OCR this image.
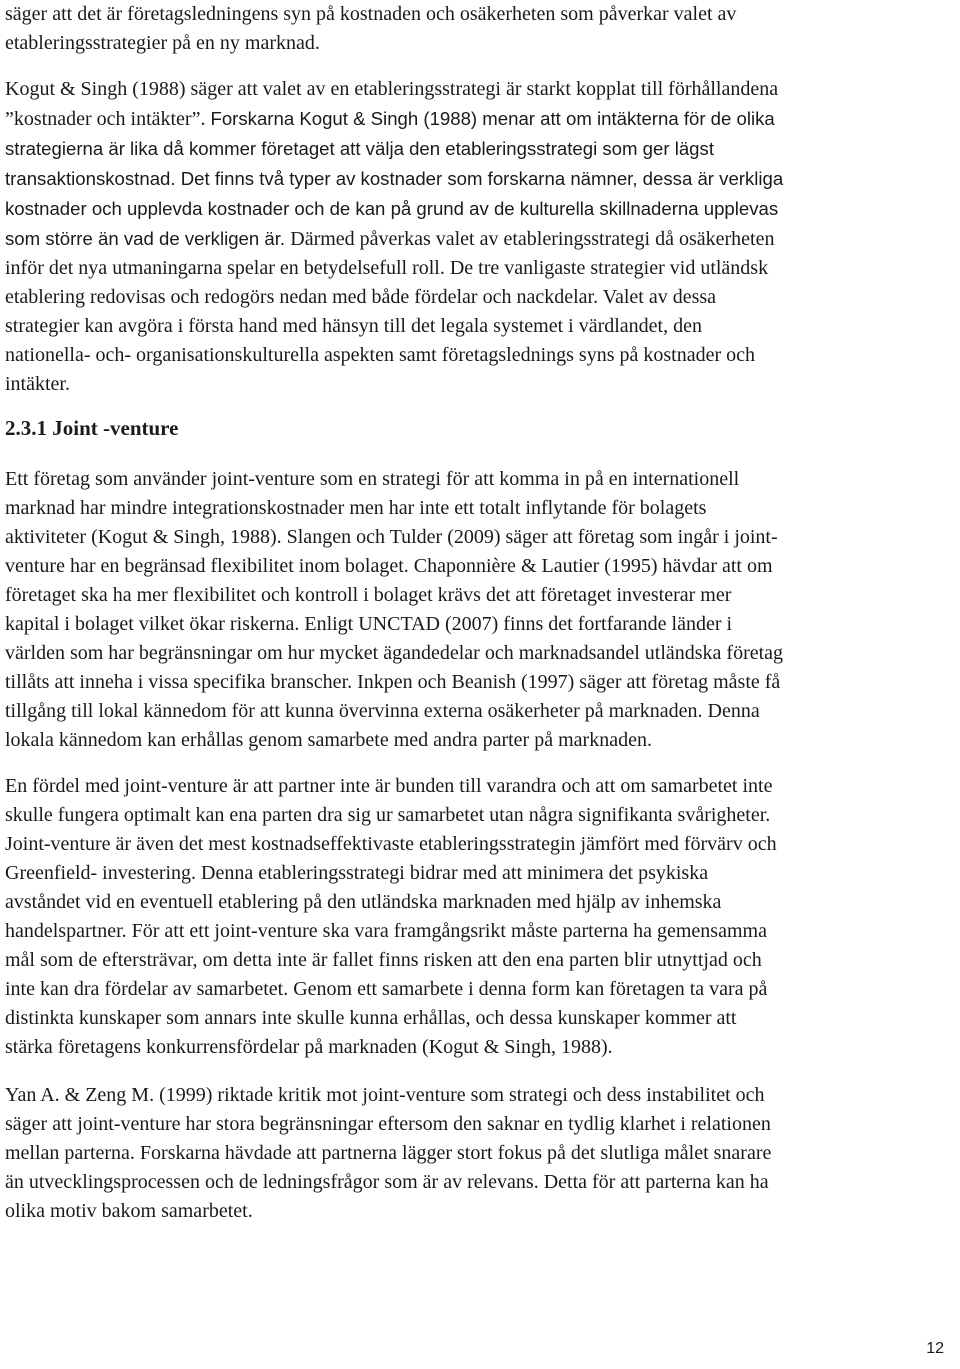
säger att det är företagsledningens syn på kostnaden och osäkerheten som påverkar valet av
etableringsstrategier på en ny marknad.
Kogut & Singh (1988) säger att valet av en etableringsstrategi är starkt kopplat till förhållandena
”kostnader och intäkter”. Forskarna Kogut & Singh (1988) menar att om intäkterna för de olika
strategierna är lika då kommer företaget att välja den etableringsstrategi som ger lägst
transaktionskostnad. Det finns två typer av kostnader som forskarna nämner, dessa är verkliga
kostnader och upplevda kostnader och de kan på grund av de kulturella skillnaderna upplevas
som större än vad de verkligen är. Därmed påverkas valet av etableringsstrategi då osäkerheten
inför det nya utmaningarna spelar en betydelsefull roll. De tre vanligaste strategier vid utländsk
etablering redovisas och redogörs nedan med både fördelar och nackdelar. Valet av dessa
strategier kan avgöra i första hand med hänsyn till det legala systemet i värdlandet, den
nationella- och- organisationskulturella aspekten samt företagslednings syns på kostnader och
intäkter.
2.3.1 Joint -venture
Ett företag som använder joint-venture som en strategi för att komma in på en internationell
marknad har mindre integrationskostnader men har inte ett totalt inflytande för bolagets
aktiviteter (Kogut & Singh, 1988). Slangen och Tulder (2009) säger att företag som ingår i joint-
venture har en begränsad flexibilitet inom bolaget. Chaponnière & Lautier (1995) hävdar att om
företaget ska ha mer flexibilitet och kontroll i bolaget krävs det att företaget investerar mer
kapital i bolaget vilket ökar riskerna. Enligt UNCTAD (2007) finns det fortfarande länder i
världen som har begränsningar om hur mycket ägandedelar och marknadsandel utländska företag
tillåts att inneha i vissa specifika branscher. Inkpen och Beanish (1997) säger att företag måste få
tillgång till lokal kännedom för att kunna övervinna externa osäkerheter på marknaden. Denna
lokala kännedom kan erhållas genom samarbete med andra parter på marknaden.
En fördel med joint-venture är att partner inte är bunden till varandra och att om samarbetet inte
skulle fungera optimalt kan ena parten dra sig ur samarbetet utan några signifikanta svårigheter.
Joint-venture är även det mest kostnadseffektivaste etableringsstrategin jämfört med förvärv och
Greenfield- investering. Denna etableringsstrategi bidrar med att minimera det psykiska
avståndet vid en eventuell etablering på den utländska marknaden med hjälp av inhemska
handelspartner. För att ett joint-venture ska vara framgångsrikt måste parterna ha gemensamma
mål som de eftersträvar, om detta inte är fallet finns risken att den ena parten blir utnyttjad och
inte kan dra fördelar av samarbetet. Genom ett samarbete i denna form kan företagen ta vara på
distinkta kunskaper som annars inte skulle kunna erhållas, och dessa kunskaper kommer att
stärka företagens konkurrensfördelar på marknaden (Kogut & Singh, 1988).
Yan A. & Zeng M. (1999) riktade kritik mot joint-venture som strategi och dess instabilitet och
säger att joint-venture har stora begränsningar eftersom den saknar en tydlig klarhet i relationen
mellan parterna. Forskarna hävdade att partnerna lägger stort fokus på det slutliga målet snarare
än utvecklingsprocessen och de ledningsfrågor som är av relevans. Detta för att parterna kan ha
olika motiv bakom samarbetet.
12
